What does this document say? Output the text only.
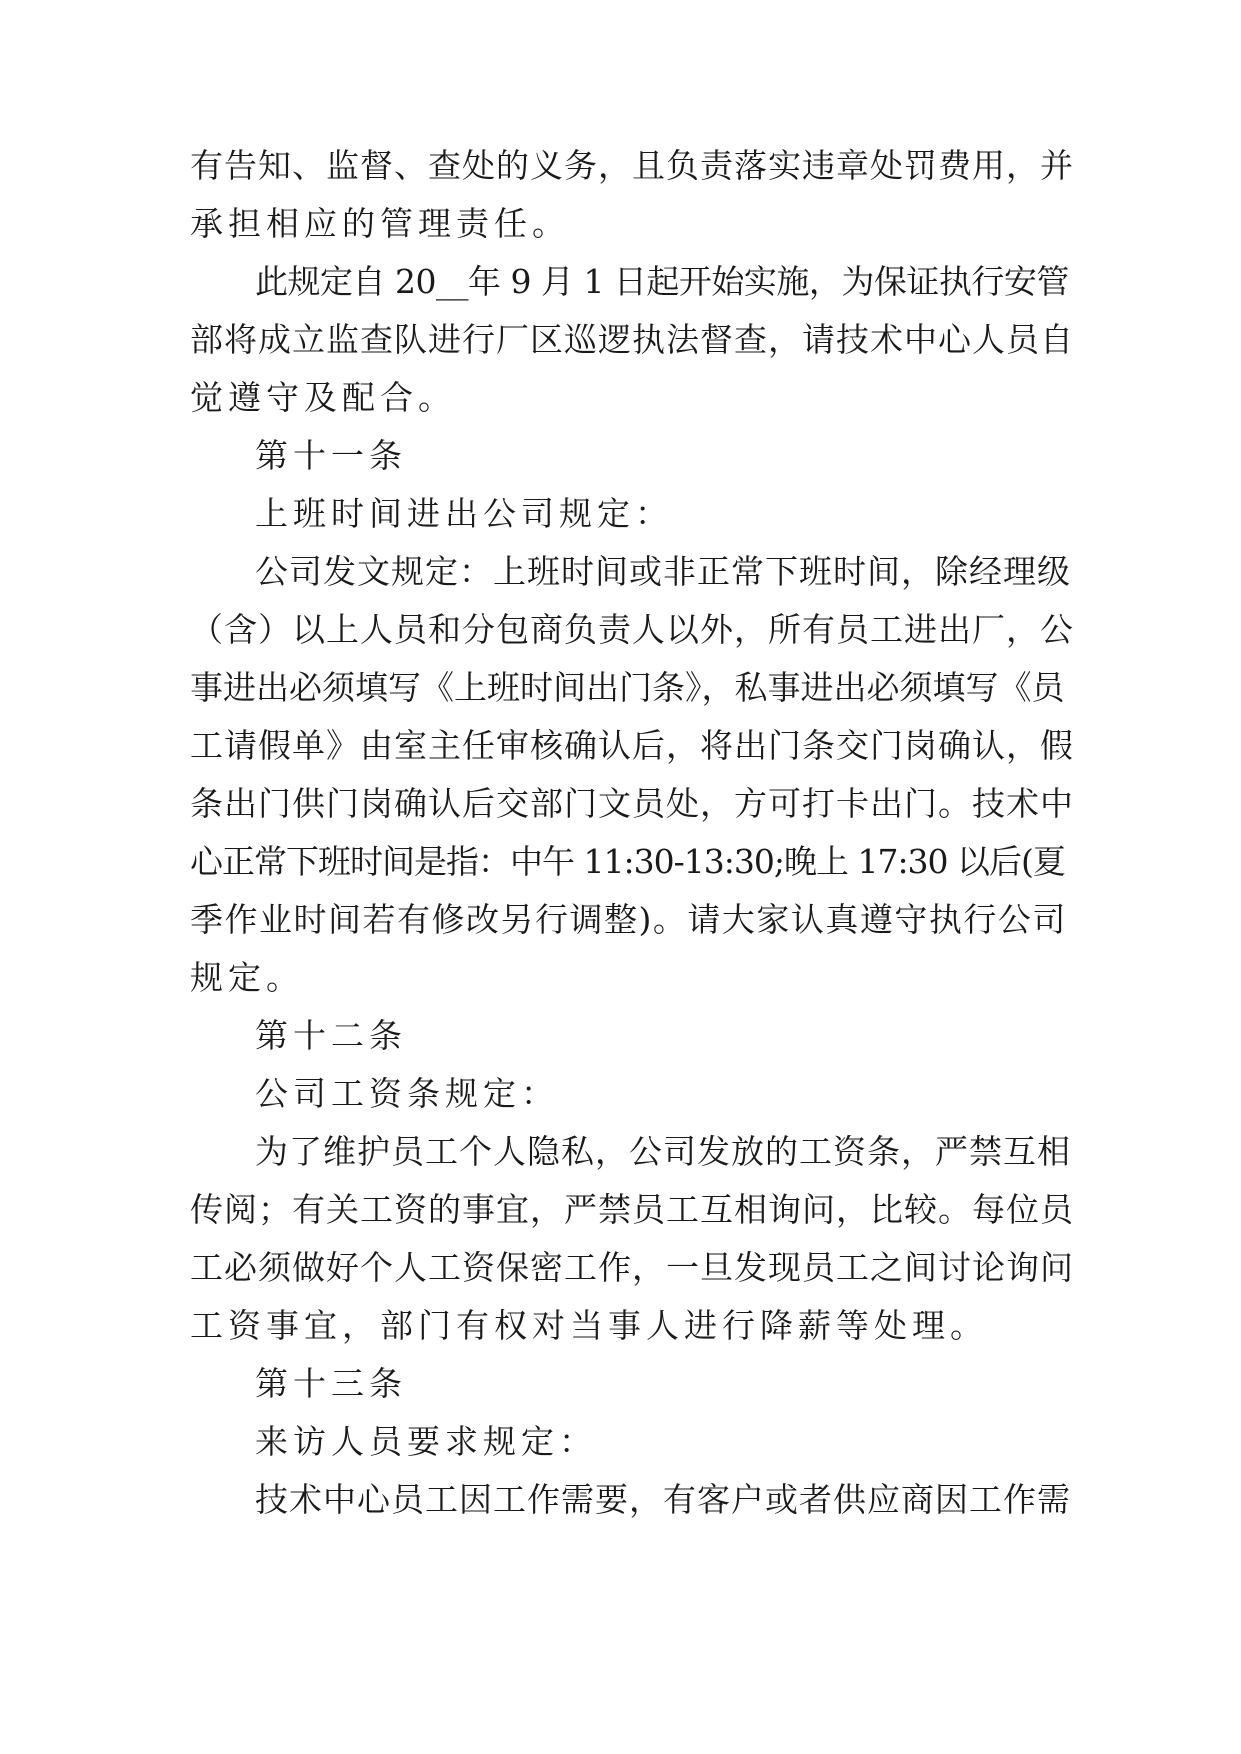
有告知、监督、查处的义务，且负责落实违章处罚费用，并
承担相应的管理责任。
此规定自 20__年 9 月 1 日起开始实施，为保证执行安管
部将成立监查队进行厂区巡逻执法督查，请技术中心人员自
觉遵守及配合。
第十一条
上班时间进出公司规定：
公司发文规定：上班时间或非正常下班时间，除经理级
（含）以上人员和分包商负责人以外，所有员工进出厂，公
事进出必须填写《上班时间出门条》，私事进出必须填写《员
工请假单》由室主任审核确认后，将出门条交门岗确认，假
条出门供门岗确认后交部门文员处，方可打卡出门。技术中
心正常下班时间是指：中午 11:30-13:30;晚上 17:30 以后(夏
季作业时间若有修改另行调整)。请大家认真遵守执行公司
规定。
第十二条
公司工资条规定：
为了维护员工个人隐私，公司发放的工资条，严禁互相
传阅；有关工资的事宜，严禁员工互相询问，比较。每位员
工必须做好个人工资保密工作，一旦发现员工之间讨论询问
工资事宜，部门有权对当事人进行降薪等处理。
第十三条
来访人员要求规定：
技术中心员工因工作需要，有客户或者供应商因工作需
